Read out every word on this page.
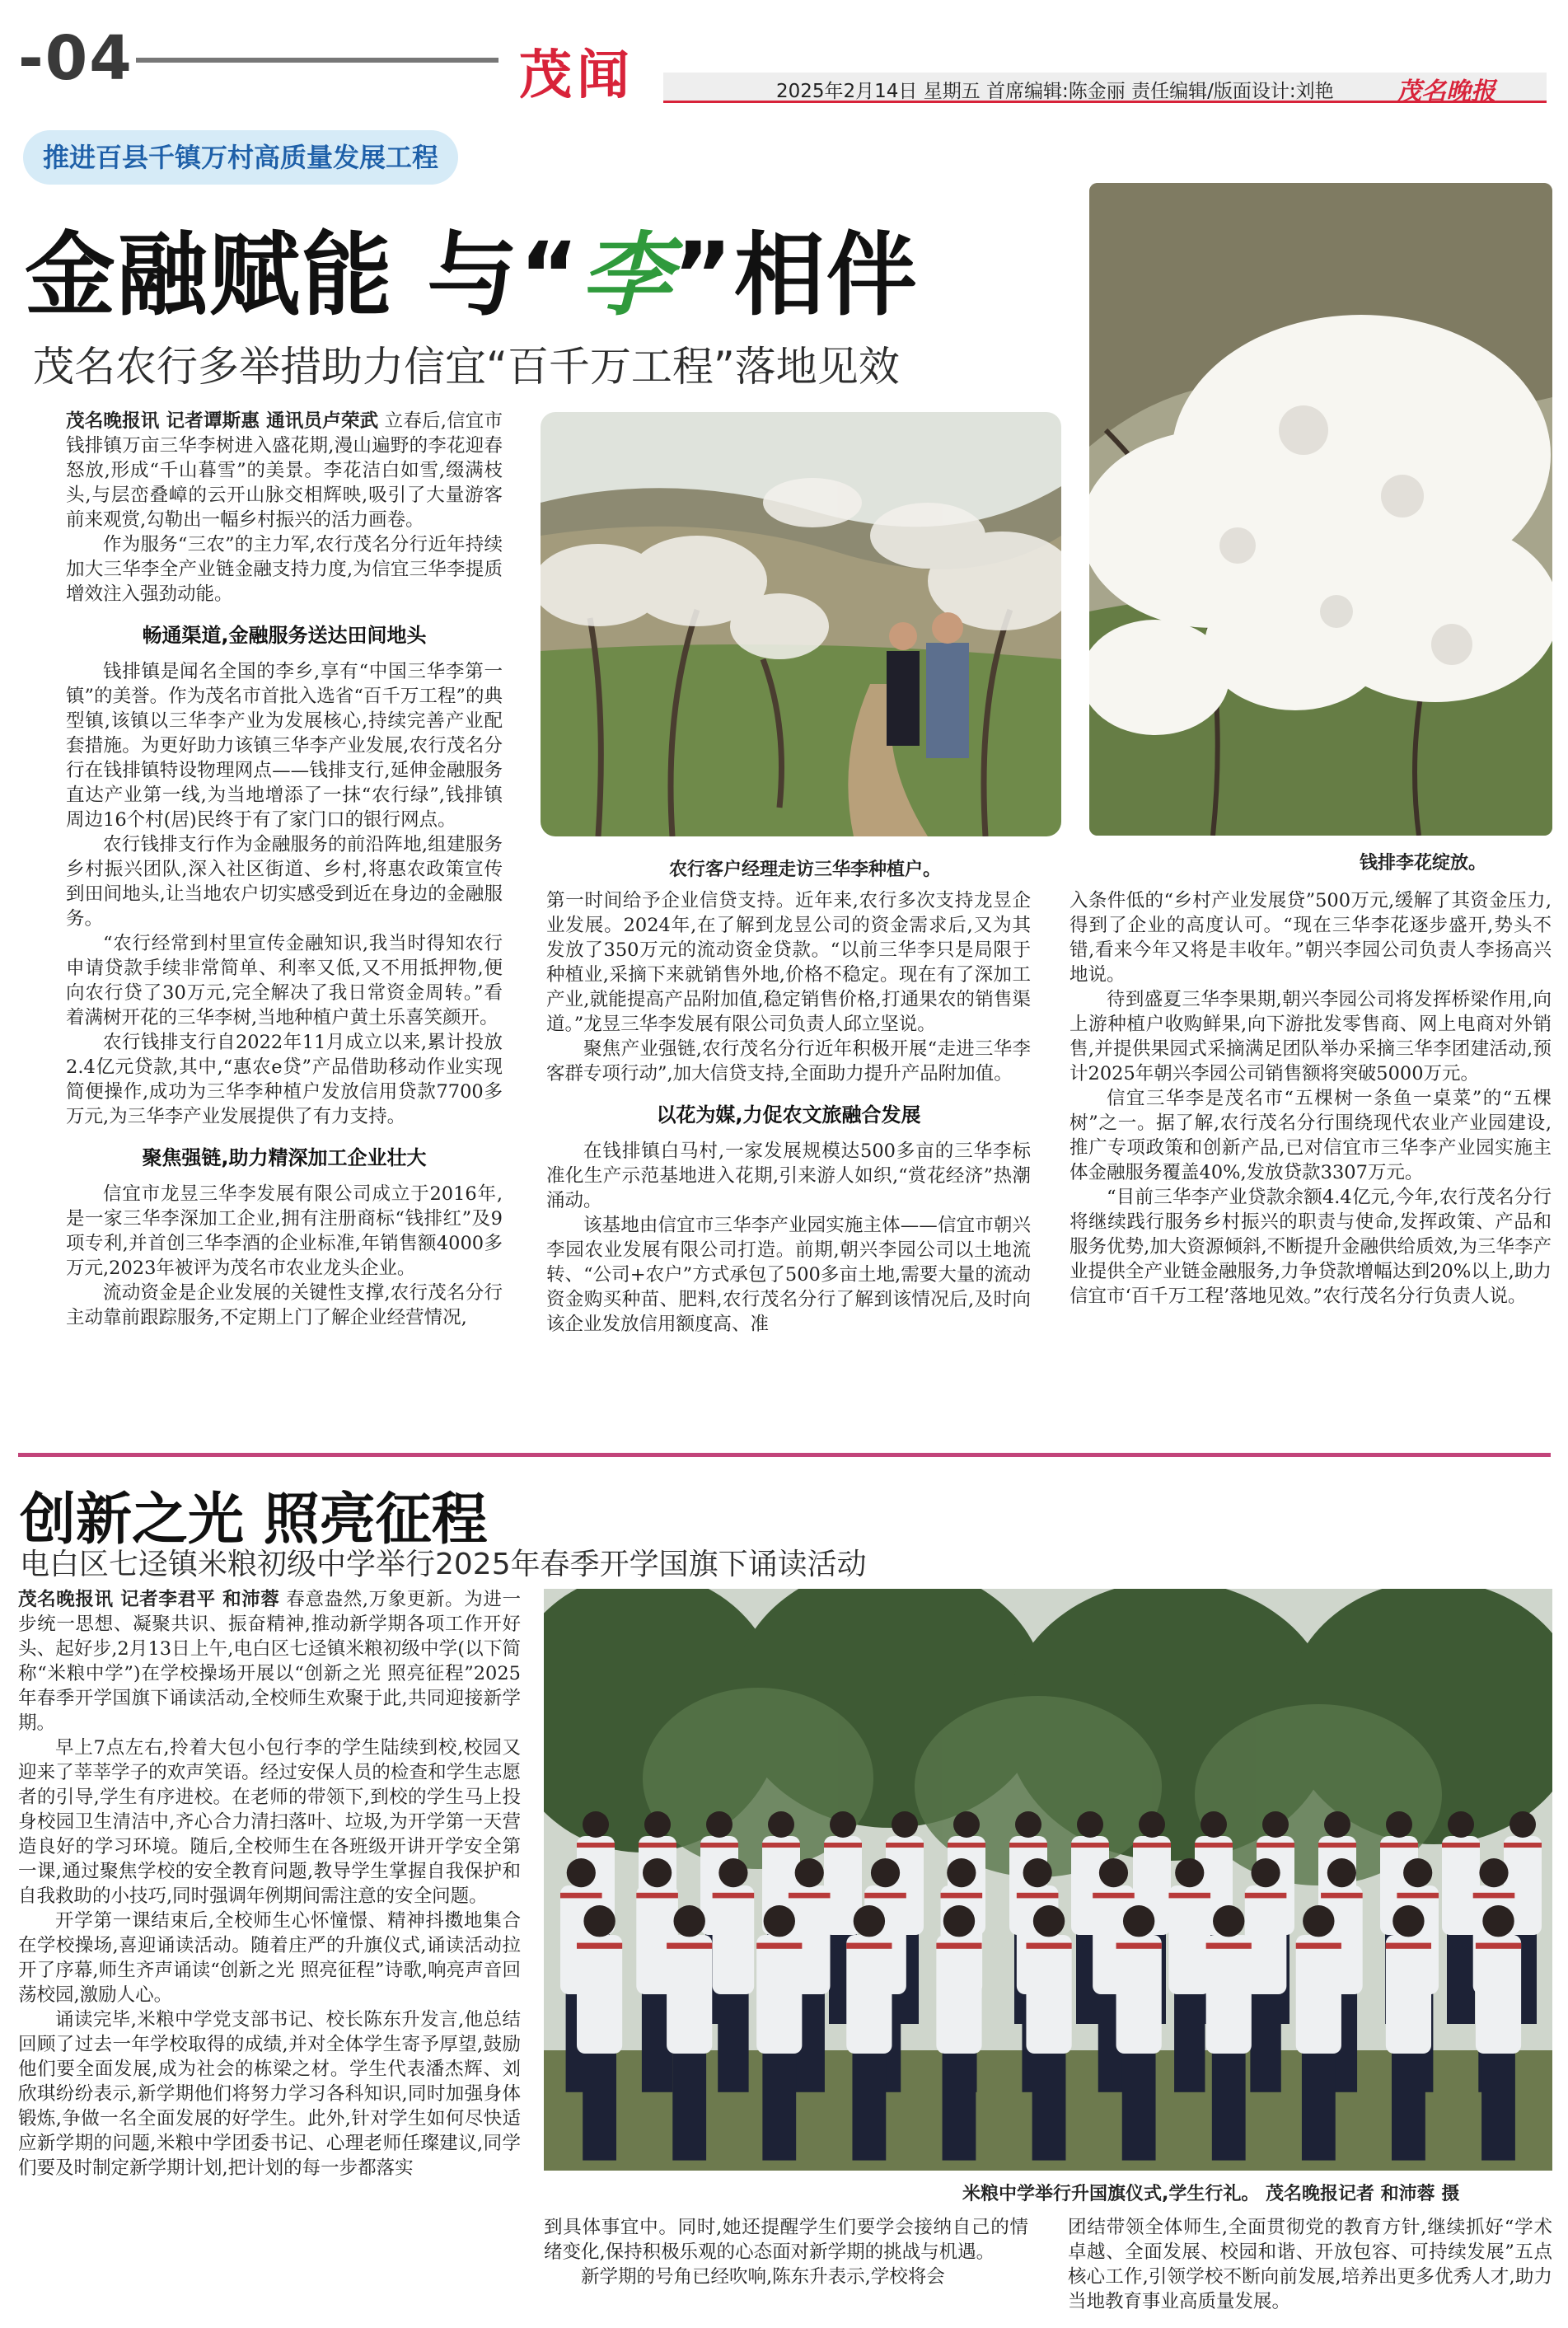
-04	茂闻	2025年2月14日 星期五 首席编辑:陈金丽 责任编辑/版面设计:刘艳	茂名晚报
推进百县千镇万村高质量发展工程
金融赋能 与“李”相伴
茂名农行多举措助力信宜“百千万工程”落地见效

茂名晚报讯 记者谭斯惠 通讯员卢荣武 立春后,信宜市钱排镇万亩三华李树进入盛花期,漫山遍野的李花迎春怒放,形成“千山暮雪”的美景。李花洁白如雪,缀满枝头,与层峦叠嶂的云开山脉交相辉映,吸引了大量游客前来观赏,勾勒出一幅乡村振兴的活力画卷。

作为服务“三农”的主力军,农行茂名分行近年持续加大三华李全产业链金融支持力度,为信宜三华李提质增效注入强劲动能。

畅通渠道,金融服务送达田间地头

钱排镇是闻名全国的李乡,享有“中国三华李第一镇”的美誉。作为茂名市首批入选省“百千万工程”的典型镇,该镇以三华李产业为发展核心,持续完善产业配套措施。为更好助力该镇三华李产业发展,农行茂名分行在钱排镇特设物理网点——钱排支行,延伸金融服务直达产业第一线,为当地增添了一抹“农行绿”,钱排镇周边16个村(居)民终于有了家门口的银行网点。

农行钱排支行作为金融服务的前沿阵地,组建服务乡村振兴团队,深入社区街道、乡村,将惠农政策宣传到田间地头,让当地农户切实感受到近在身边的金融服务。

“农行经常到村里宣传金融知识,我当时得知农行申请贷款手续非常简单、利率又低,又不用抵押物,便向农行贷了30万元,完全解决了我日常资金周转。”看着满树开花的三华李树,当地种植户黄土乐喜笑颜开。

农行钱排支行自2022年11月成立以来,累计投放2.4亿元贷款,其中,“惠农e贷”产品借助移动作业实现简便操作,成功为三华李种植户发放信用贷款7700多万元,为三华李产业发展提供了有力支持。

聚焦强链,助力精深加工企业壮大

信宜市龙昱三华李发展有限公司成立于2016年,是一家三华李深加工企业,拥有注册商标“钱排红”及9项专利,并首创三华李酒的企业标准,年销售额4000多万元,2023年被评为茂名市农业龙头企业。

流动资金是企业发展的关键性支撑,农行茂名分行主动靠前跟踪服务,不定期上门了解企业经营情况,

农行客户经理走访三华李种植户。	钱排李花绽放。

第一时间给予企业信贷支持。近年来,农行多次支持龙昱企业发展。2024年,在了解到龙昱公司的资金需求后,又为其发放了350万元的流动资金贷款。“以前三华李只是局限于种植业,采摘下来就销售外地,价格不稳定。现在有了深加工产业,就能提高产品附加值,稳定销售价格,打通果农的销售渠道。”龙昱三华李发展有限公司负责人邱立坚说。

聚焦产业强链,农行茂名分行近年积极开展“走进三华李客群专项行动”,加大信贷支持,全面助力提升产品附加值。

以花为媒,力促农文旅融合发展

在钱排镇白马村,一家发展规模达500多亩的三华李标准化生产示范基地进入花期,引来游人如织,“赏花经济”热潮涌动。

该基地由信宜市三华李产业园实施主体——信宜市朝兴李园农业发展有限公司打造。前期,朝兴李园公司以土地流转、“公司+农户”方式承包了500多亩土地,需要大量的流动资金购买种苗、肥料,农行茂名分行了解到该情况后,及时向该企业发放信用额度高、准

入条件低的“乡村产业发展贷”500万元,缓解了其资金压力,得到了企业的高度认可。“现在三华李花逐步盛开,势头不错,看来今年又将是丰收年。”朝兴李园公司负责人李扬高兴地说。

待到盛夏三华李果期,朝兴李园公司将发挥桥梁作用,向上游种植户收购鲜果,向下游批发零售商、网上电商对外销售,并提供果园式采摘满足团队举办采摘三华李团建活动,预计2025年朝兴李园公司销售额将突破5000万元。

信宜三华李是茂名市“五棵树一条鱼一桌菜”的“五棵树”之一。据了解,农行茂名分行围绕现代农业产业园建设,推广专项政策和创新产品,已对信宜市三华李产业园实施主体金融服务覆盖40%,发放贷款3307万元。

“目前三华李产业贷款余额4.4亿元,今年,农行茂名分行将继续践行服务乡村振兴的职责与使命,发挥政策、产品和服务优势,加大资源倾斜,不断提升金融供给质效,为三华李产业提供全产业链金融服务,力争贷款增幅达到20%以上,助力信宜市‘百千万工程’落地见效。”农行茂名分行负责人说。

创新之光 照亮征程
电白区七迳镇米粮初级中学举行2025年春季开学国旗下诵读活动

茂名晚报讯 记者李君平 和沛蓉 春意盎然,万象更新。为进一步统一思想、凝聚共识、振奋精神,推动新学期各项工作开好头、起好步,2月13日上午,电白区七迳镇米粮初级中学(以下简称“米粮中学”)在学校操场开展以“创新之光 照亮征程”2025年春季开学国旗下诵读活动,全校师生欢聚于此,共同迎接新学期。

早上7点左右,拎着大包小包行李的学生陆续到校,校园又迎来了莘莘学子的欢声笑语。经过安保人员的检查和学生志愿者的引导,学生有序进校。在老师的带领下,到校的学生马上投身校园卫生清洁中,齐心合力清扫落叶、垃圾,为开学第一天营造良好的学习环境。随后,全校师生在各班级开讲开学安全第一课,通过聚焦学校的安全教育问题,教导学生掌握自我保护和自我救助的小技巧,同时强调年例期间需注意的安全问题。

开学第一课结束后,全校师生心怀憧憬、精神抖擞地集合在学校操场,喜迎诵读活动。随着庄严的升旗仪式,诵读活动拉开了序幕,师生齐声诵读“创新之光 照亮征程”诗歌,响亮声音回荡校园,激励人心。

诵读完毕,米粮中学党支部书记、校长陈东升发言,他总结回顾了过去一年学校取得的成绩,并对全体学生寄予厚望,鼓励他们要全面发展,成为社会的栋梁之材。学生代表潘杰辉、刘欣琪纷纷表示,新学期他们将努力学习各科知识,同时加强身体锻炼,争做一名全面发展的好学生。此外,针对学生如何尽快适应新学期的问题,米粮中学团委书记、心理老师任璨建议,同学们要及时制定新学期计划,把计划的每一步都落实

米粮中学举行升国旗仪式,学生行礼。 茂名晚报记者 和沛蓉 摄

到具体事宜中。同时,她还提醒学生们要学会接纳自己的情绪变化,保持积极乐观的心态面对新学期的挑战与机遇。

新学期的号角已经吹响,陈东升表示,学校将会

团结带领全体师生,全面贯彻党的教育方针,继续抓好“学术卓越、全面发展、校园和谐、开放包容、可持续发展”五点核心工作,引领学校不断向前发展,培养出更多优秀人才,助力当地教育事业高质量发展。
